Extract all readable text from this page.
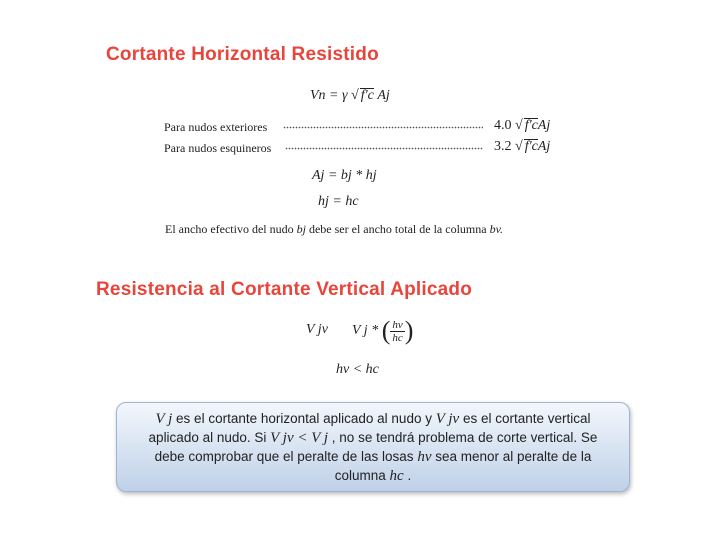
Cortante Horizontal Resistido
Vn = γ √ f'c Aj
Para nudos exteriores	4.0 √ f'cAj
Para nudos esquineros	3.2 √ f'cAj
Aj = bj * hj
hj = hc
El ancho efectivo del nudo bj debe ser el ancho total de la columna bv.
Resistencia al Cortante Vertical Aplicado
V jv V j * ( $\frac{hv}{hc}$ )
hv < hc
V j es el cortante horizontal aplicado al nudo y V jv es el cortante vertical
aplicado al nudo. Si V jv < V j , no se tendrá problema de corte vertical. Se
debe comprobar que el peralte de las losas hv sea menor al peralte de la
columna hc .
